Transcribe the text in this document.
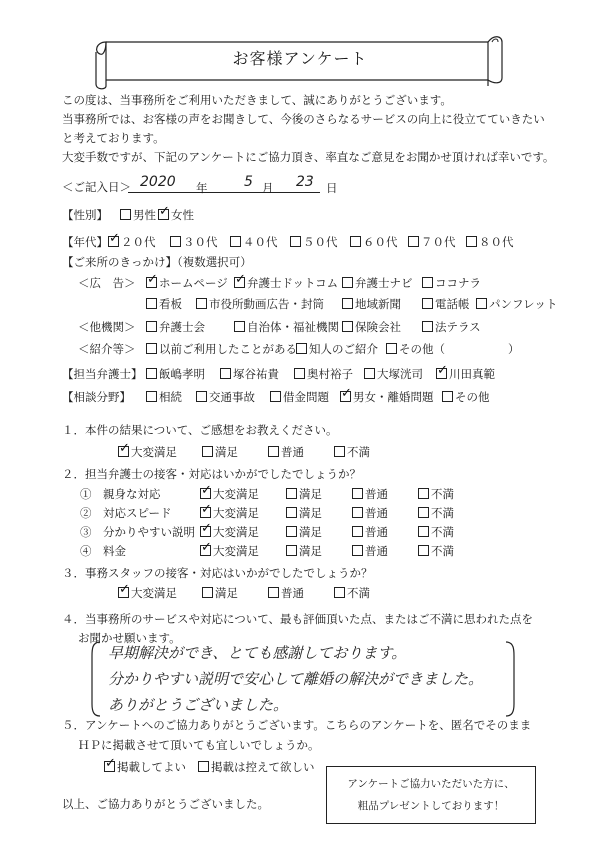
お客様アンケート
この度は、当事務所をご利用いただきまして、誠にありがとうございます。
当事務所では、お客様の声をお聞きして、今後のさらなるサービスの向上に役立てていきたい
と考えております。
大変手数ですが、下記のアンケートにご協力頂き、率直なご意見をお聞かせ頂ければ幸いです。
＜ご記入日＞ 2020 年	5 月 23 日
【性別】	男性 ✓	女性
【年代】 ✓	２０代	３０代	４０代	５０代	６０代	７０代	８０代
【ご来所のきっかけ】（複数選択可）
＜広　告＞ ✓	ホームページ ✓	弁護士ドットコム	弁護士ナビ	ココナラ
看板	市役所動画広告・封筒	地域新聞	電話帳	パンフレット
＜他機関＞	弁護士会	自治体・福祉機関	保険会社	法テラス
＜紹介等＞	以前ご利用したことがある	知人のご紹介	その他（	）
【担当弁護士】	飯嶋孝明	塚谷祐貴	奥村裕子	大塚洸司 ✓	川田真範
【相談分野】	相続	交通事故	借金問題 ✓	男女・離婚問題	その他
１．本件の結果について、ご感想をお教えください。
✓大変満足	満足	普通	不満
２．担当弁護士の接客・対応はいかがでしたでしょうか？
①　親身な対応 ✓	大変満足	満足	普通	不満
②　対応スピード ✓	大変満足	満足	普通	不満
③　分かりやすい説明 ✓	大変満足	満足	普通	不満
④　料金 ✓	大変満足	満足	普通	不満
３．事務スタッフの接客・対応はいかがでしたでしょうか？
✓大変満足	満足	普通	不満
４．当事務所のサービスや対応について、最も評価頂いた点、またはご不満に思われた点を
お聞かせ願います。
早期解決ができ、とても感謝しております。
分かりやすい説明で安心して離婚の解決ができました。
ありがとうございました。
５．アンケートへのご協力ありがとうございます。こちらのアンケートを、匿名でそのまま
ＨＰに掲載させて頂いても宜しいでしょうか。
✓掲載してよい	掲載は控えて欲しい
以上、ご協力ありがとうございました。
アンケートご協力いただいた方に、
粗品プレゼントしております！
